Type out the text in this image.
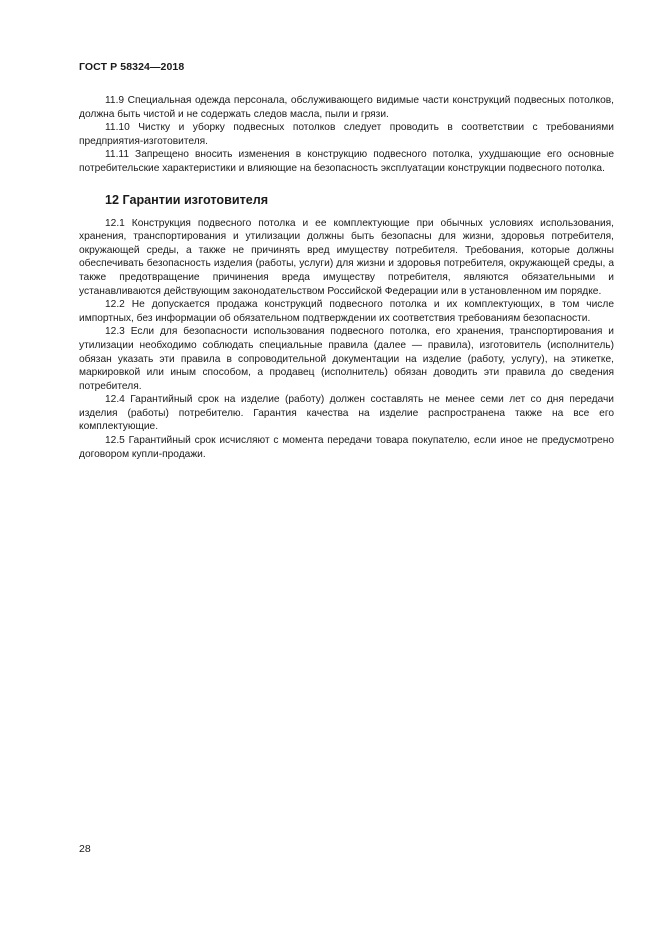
ГОСТ Р 58324—2018

11.9 Специальная одежда персонала, обслуживающего видимые части конструкций подвесных потолков, должна быть чистой и не содержать следов масла, пыли и грязи.

11.10 Чистку и уборку подвесных потолков следует проводить в соответствии с требованиями предприятия-изготовителя.

11.11 Запрещено вносить изменения в конструкцию подвесного потолка, ухудшающие его основные потребительские характеристики и влияющие на безопасность эксплуатации конструкции подвесного потолка.

12 Гарантии изготовителя

12.1 Конструкция подвесного потолка и ее комплектующие при обычных условиях использования, хранения, транспортирования и утилизации должны быть безопасны для жизни, здоровья потребителя, окружающей среды, а также не причинять вред имуществу потребителя. Требования, которые должны обеспечивать безопасность изделия (работы, услуги) для жизни и здоровья потребителя, окружающей среды, а также предотвращение причинения вреда имуществу потребителя, являются обязательными и устанавливаются действующим законодательством Российской Федерации или в установленном им порядке.

12.2 Не допускается продажа конструкций подвесного потолка и их комплектующих, в том числе импортных, без информации об обязательном подтверждении их соответствия требованиям безопасности.

12.3 Если для безопасности использования подвесного потолка, его хранения, транспортирования и утилизации необходимо соблюдать специальные правила (далее — правила), изготовитель (исполнитель) обязан указать эти правила в сопроводительной документации на изделие (работу, услугу), на этикетке, маркировкой или иным способом, а продавец (исполнитель) обязан доводить эти правила до сведения потребителя.

12.4 Гарантийный срок на изделие (работу) должен составлять не менее семи лет со дня передачи изделия (работы) потребителю. Гарантия качества на изделие распространена также на все его комплектующие.

12.5 Гарантийный срок исчисляют с момента передачи товара покупателю, если иное не предусмотрено договором купли-продажи.

28
